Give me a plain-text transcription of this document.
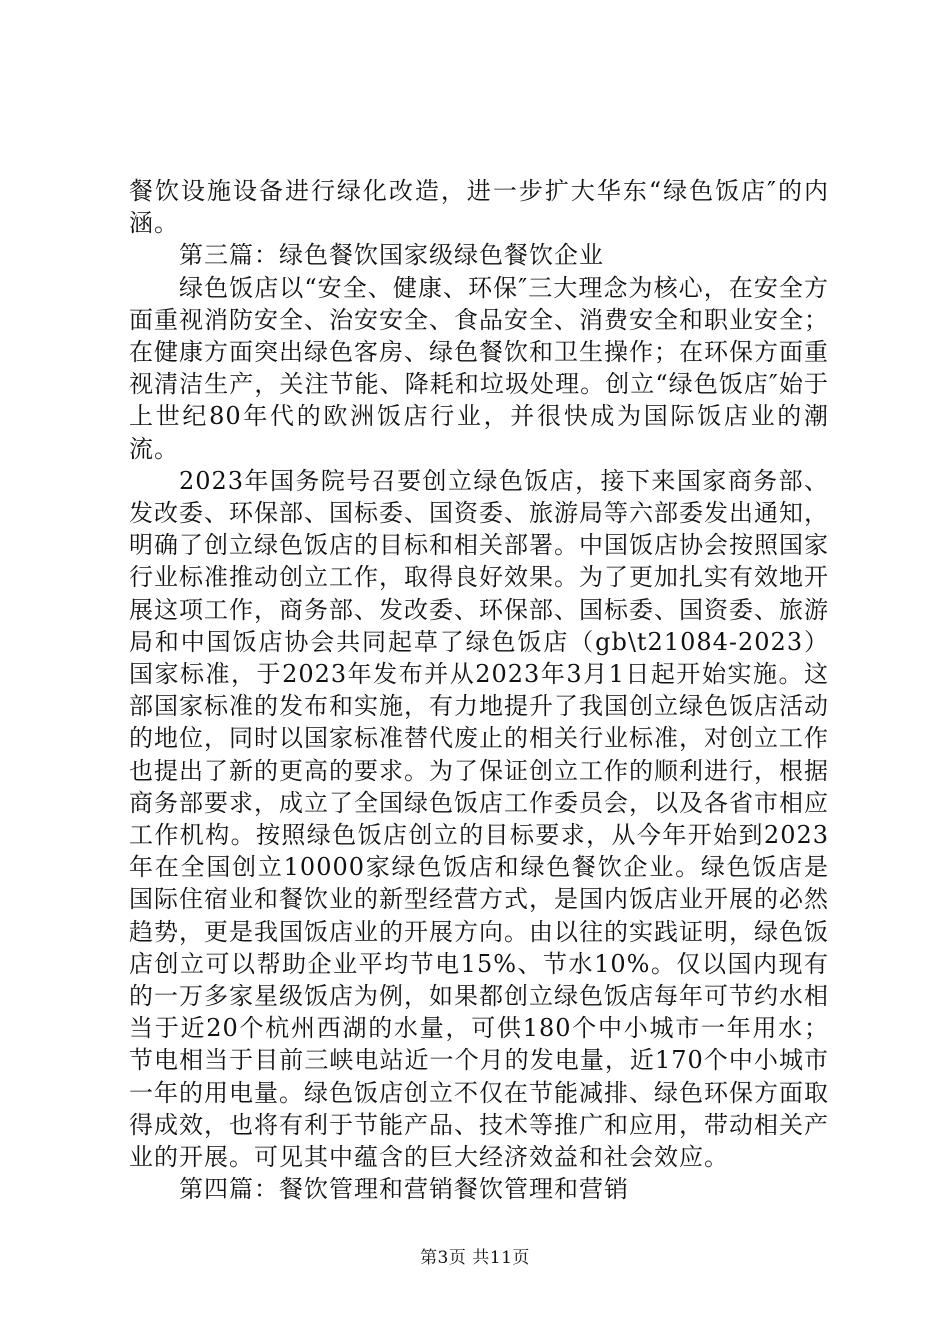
餐饮设施设备进行绿化改造，进一步扩大华东“绿色饭店″的内涵。

第三篇：绿色餐饮国家级绿色餐饮企业

绿色饭店以“安全、健康、环保″三大理念为核心，在安全方面重视消防安全、治安安全、食品安全、消费安全和职业安全；在健康方面突出绿色客房、绿色餐饮和卫生操作；在环保方面重视清洁生产，关注节能、降耗和垃圾处理。创立“绿色饭店″始于上世纪80年代的欧洲饭店行业，并很快成为国际饭店业的潮流。

2023年国务院号召要创立绿色饭店，接下来国家商务部、发改委、环保部、国标委、国资委、旅游局等六部委发出通知，明确了创立绿色饭店的目标和相关部署。中国饭店协会按照国家行业标准推动创立工作，取得良好效果。为了更加扎实有效地开展这项工作，商务部、发改委、环保部、国标委、国资委、旅游局和中国饭店协会共同起草了绿色饭店（gb\t21084-2023）国家标准，于2023年发布并从2023年3月1日起开始实施。这部国家标准的发布和实施，有力地提升了我国创立绿色饭店活动的地位，同时以国家标准替代废止的相关行业标准，对创立工作也提出了新的更高的要求。为了保证创立工作的顺利进行，根据商务部要求，成立了全国绿色饭店工作委员会，以及各省市相应工作机构。按照绿色饭店创立的目标要求，从今年开始到2023年在全国创立10000家绿色饭店和绿色餐饮企业。绿色饭店是国际住宿业和餐饮业的新型经营方式，是国内饭店业开展的必然趋势，更是我国饭店业的开展方向。由以往的实践证明，绿色饭店创立可以帮助企业平均节电15%、节水10%。仅以国内现有的一万多家星级饭店为例，如果都创立绿色饭店每年可节约水相当于近20个杭州西湖的水量，可供180个中小城市一年用水；节电相当于目前三峡电站近一个月的发电量，近170个中小城市一年的用电量。绿色饭店创立不仅在节能减排、绿色环保方面取得成效，也将有利于节能产品、技术等推广和应用，带动相关产业的开展。可见其中蕴含的巨大经济效益和社会效应。

第四篇：餐饮管理和营销餐饮管理和营销

第3页 共11页
